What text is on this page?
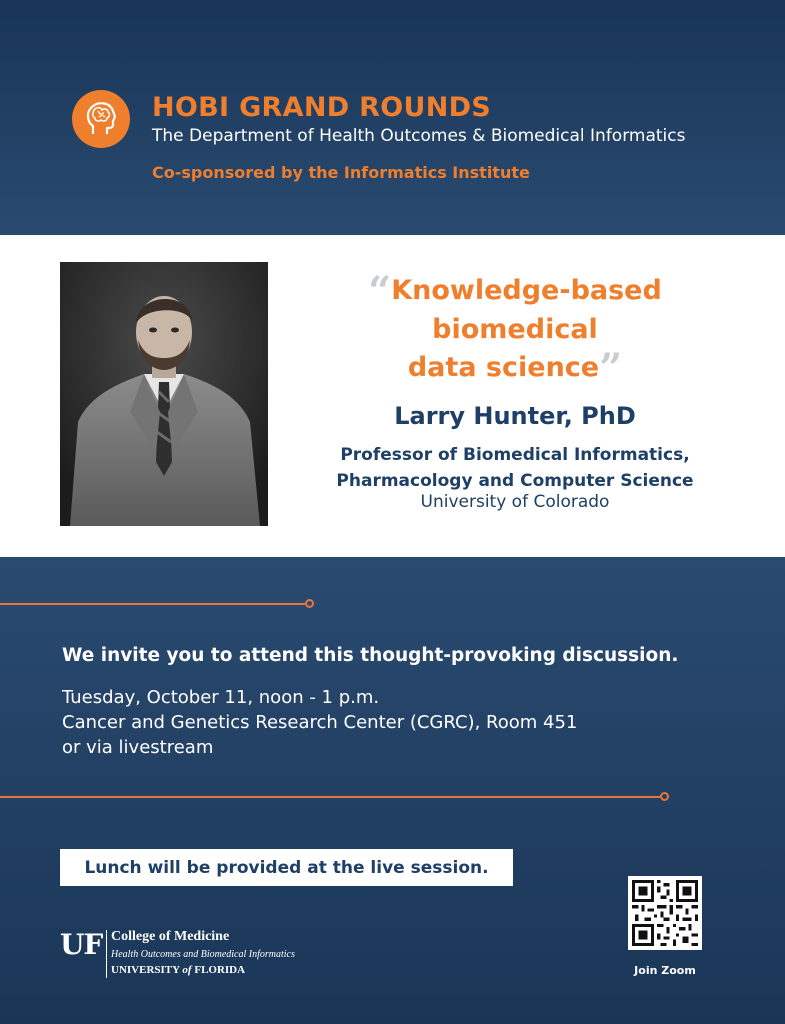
HOBI GRAND ROUNDS
The Department of Health Outcomes & Biomedical Informatics
Co-sponsored by the Informatics Institute
“Knowledge-based
biomedical
data science”
Larry Hunter, PhD
Professor of Biomedical Informatics,
Pharmacology and Computer Science
University of Colorado
We invite you to attend this thought-provoking discussion.
Tuesday, October 11, noon - 1 p.m.
Cancer and Genetics Research Center (CGRC), Room 451
or via livestream
Lunch will be provided at the live session.
UF College of Medicine
Health Outcomes and Biomedical Informatics
UNIVERSITY of FLORIDA	Join Zoom
